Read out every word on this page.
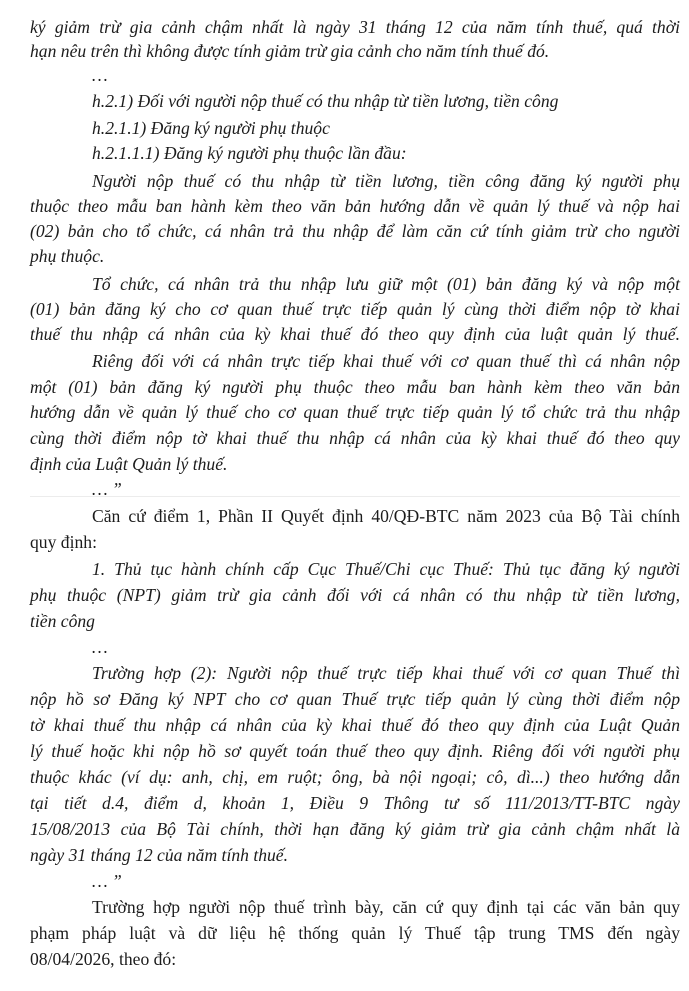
ký giảm trừ gia cảnh chậm nhất là ngày 31 tháng 12 của năm tính thuế, quá thời
hạn nêu trên thì không được tính giảm trừ gia cảnh cho năm tính thuế đó.
…
h.2.1) Đối với người nộp thuế có thu nhập từ tiền lương, tiền công
h.2.1.1) Đăng ký người phụ thuộc
h.2.1.1.1) Đăng ký người phụ thuộc lần đầu:
Người nộp thuế có thu nhập từ tiền lương, tiền công đăng ký người phụ
thuộc theo mẫu ban hành kèm theo văn bản hướng dẫn về quản lý thuế và nộp hai
(02) bản cho tổ chức, cá nhân trả thu nhập để làm căn cứ tính giảm trừ cho người
phụ thuộc.
Tổ chức, cá nhân trả thu nhập lưu giữ một (01) bản đăng ký và nộp một
(01) bản đăng ký cho cơ quan thuế trực tiếp quản lý cùng thời điểm nộp tờ khai
thuế thu nhập cá nhân của kỳ khai thuế đó theo quy định của luật quản lý thuế.
Riêng đối với cá nhân trực tiếp khai thuế với cơ quan thuế thì cá nhân nộp
một (01) bản đăng ký người phụ thuộc theo mẫu ban hành kèm theo văn bản
hướng dẫn về quản lý thuế cho cơ quan thuế trực tiếp quản lý tổ chức trả thu nhập
cùng thời điểm nộp tờ khai thuế thu nhập cá nhân của kỳ khai thuế đó theo quy
định của Luật Quản lý thuế.
… ”
Căn cứ điểm 1, Phần II Quyết định 40/QĐ-BTC năm 2023 của Bộ Tài chính
quy định:
1. Thủ tục hành chính cấp Cục Thuế/Chi cục Thuế: Thủ tục đăng ký người
phụ thuộc (NPT) giảm trừ gia cảnh đối với cá nhân có thu nhập từ tiền lương,
tiền công
…
Trường hợp (2): Người nộp thuế trực tiếp khai thuế với cơ quan Thuế thì
nộp hồ sơ Đăng ký NPT cho cơ quan Thuế trực tiếp quản lý cùng thời điểm nộp
tờ khai thuế thu nhập cá nhân của kỳ khai thuế đó theo quy định của Luật Quản
lý thuế hoặc khi nộp hồ sơ quyết toán thuế theo quy định. Riêng đối với người phụ
thuộc khác (ví dụ: anh, chị, em ruột; ông, bà nội ngoại; cô, dì...) theo hướng dẫn
tại tiết d.4, điểm d, khoản 1, Điều 9 Thông tư số 111/2013/TT-BTC ngày
15/08/2013 của Bộ Tài chính, thời hạn đăng ký giảm trừ gia cảnh chậm nhất là
ngày 31 tháng 12 của năm tính thuế.
… ”
Trường hợp người nộp thuế trình bày, căn cứ quy định tại các văn bản quy
phạm pháp luật và dữ liệu hệ thống quản lý Thuế tập trung TMS đến ngày
08/04/2026, theo đó:
